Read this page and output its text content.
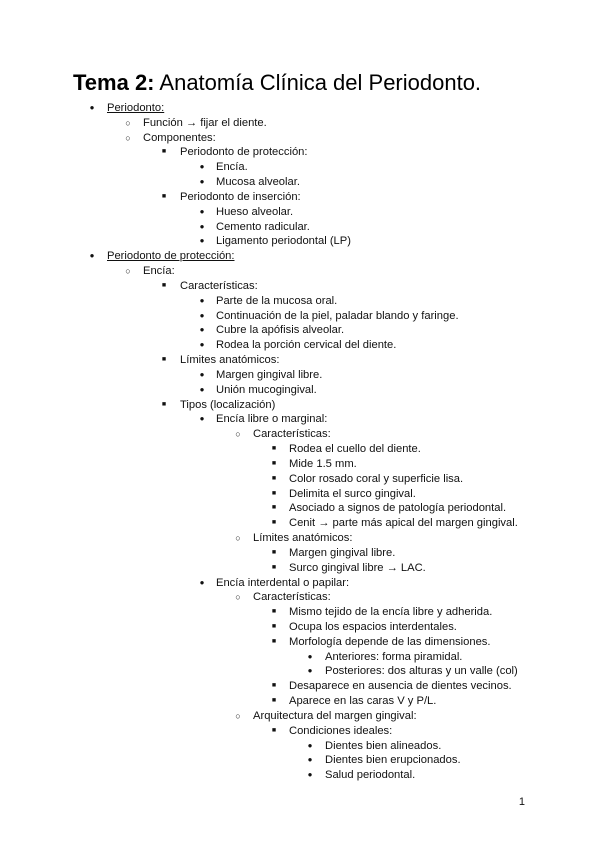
Tema 2: Anatomía Clínica del Periodonto.
●	Periodonto:
○	Función → fijar el diente.
○	Componentes:
■	Periodonto de protección:
●	Encía.
●	Mucosa alveolar.
■	Periodonto de inserción:
●	Hueso alveolar.
●	Cemento radicular.
●	Ligamento periodontal (LP)
●	Periodonto de protección:
○	Encía:
■	Características:
●	Parte de la mucosa oral.
●	Continuación de la piel, paladar blando y faringe.
●	Cubre la apófisis alveolar.
●	Rodea la porción cervical del diente.
■	Límites anatómicos:
●	Margen gingival libre.
●	Unión mucogingival.
■	Tipos (localización)
●	Encía libre o marginal:
○	Características:
■	Rodea el cuello del diente.
■	Mide 1.5 mm.
■	Color rosado coral y superficie lisa.
■	Delimita el surco gingival.
■	Asociado a signos de patología periodontal.
■	Cenit → parte más apical del margen gingival.
○	Límites anatómicos:
■	Margen gingival libre.
■	Surco gingival libre → LAC.
●	Encía interdental o papilar:
○	Características:
■	Mismo tejido de la encía libre y adherida.
■	Ocupa los espacios interdentales.
■	Morfología depende de las dimensiones.
●	Anteriores: forma piramidal.
●	Posteriores: dos alturas y un valle (col)
■	Desaparece en ausencia de dientes vecinos.
■	Aparece en las caras V y P/L.
○	Arquitectura del margen gingival:
■	Condiciones ideales:
●	Dientes bien alineados.
●	Dientes bien erupcionados.
●	Salud periodontal.
1
